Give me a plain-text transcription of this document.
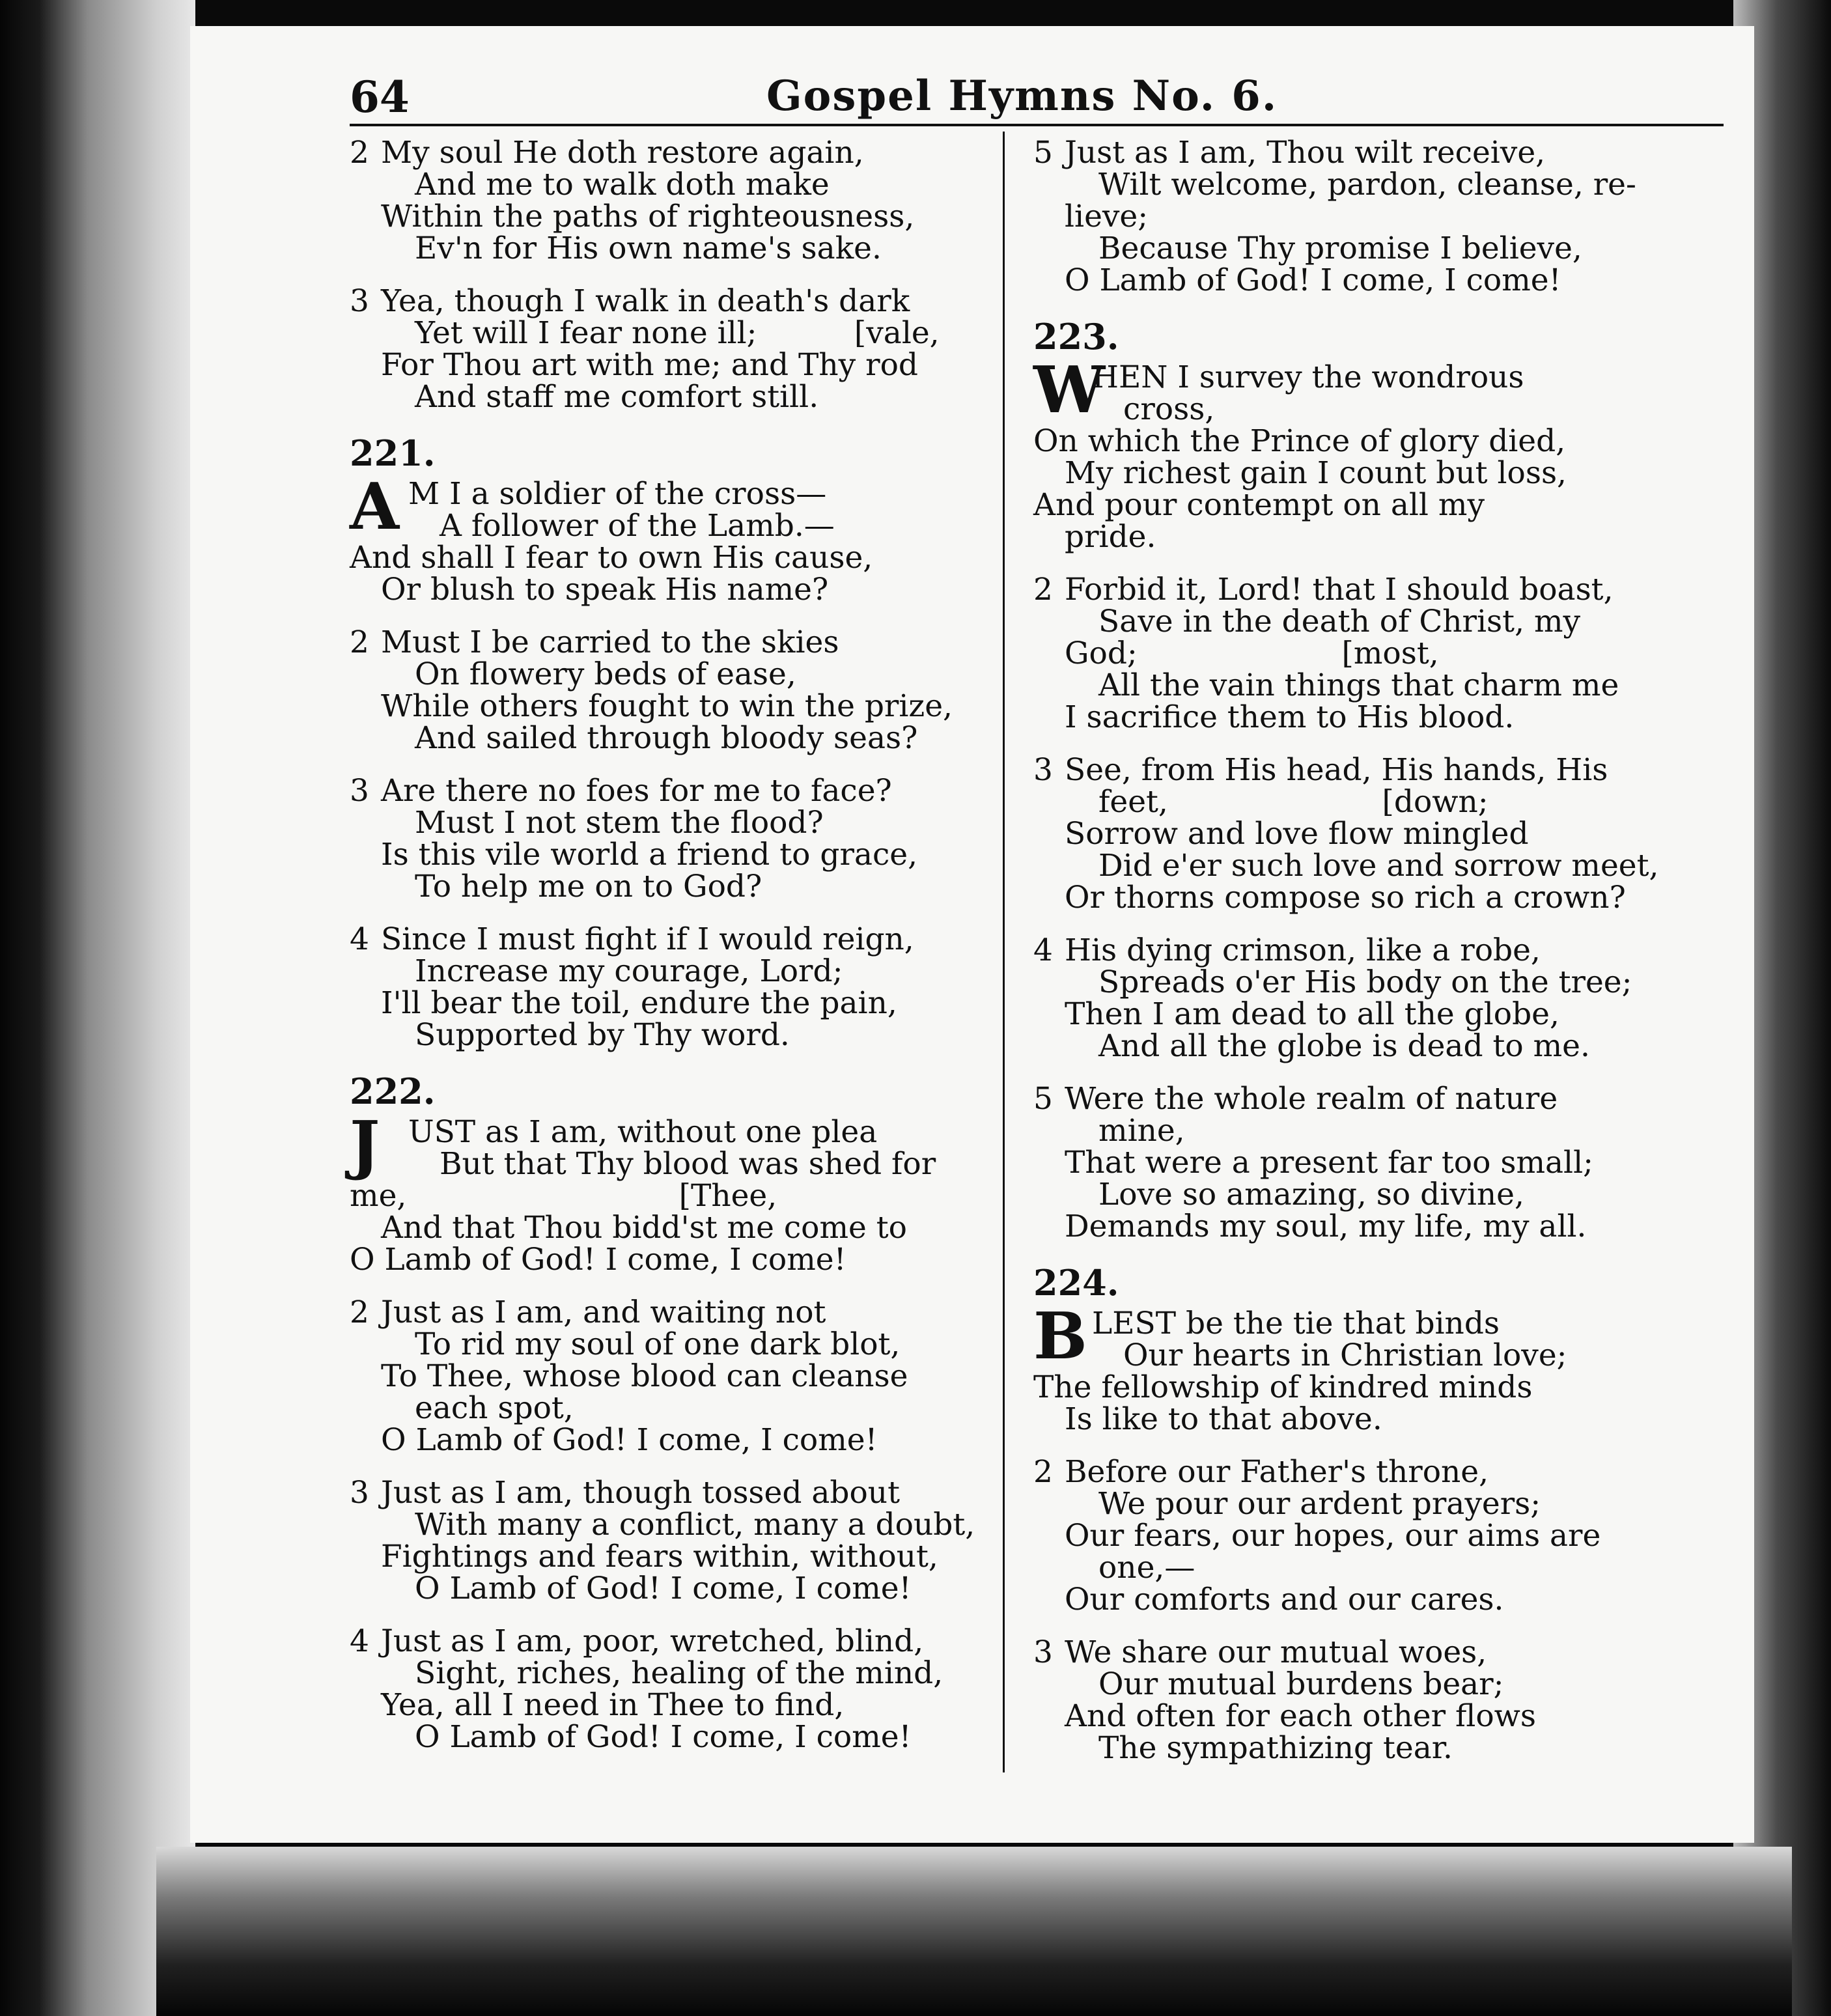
64	Gospel Hymns No. 6.
2 My soul He doth restore again,
And me to walk doth make
Within the paths of righteousness,
Ev'n for His own name's sake.
3 Yea, though I walk in death's dark
Yet will I fear none ill;          [vale,
For Thou art with me; and Thy rod
And staff me comfort still.
221.
A M I a soldier of the cross—
A follower of the Lamb.—
And shall I fear to own His cause,
Or blush to speak His name?
2 Must I be carried to the skies
On flowery beds of ease,
While others fought to win the prize,
And sailed through bloody seas?
3 Are there no foes for me to face?
Must I not stem the flood?
Is this vile world a friend to grace,
To help me on to God?
4 Since I must fight if I would reign,
Increase my courage, Lord;
I'll bear the toil, endure the pain,
Supported by Thy word.
222.
J UST as I am, without one plea
But that Thy blood was shed for
me,                            [Thee,
And that Thou bidd'st me come to
O Lamb of God! I come, I come!
2 Just as I am, and waiting not
To rid my soul of one dark blot,
To Thee, whose blood can cleanse
each spot,
O Lamb of God! I come, I come!
3 Just as I am, though tossed about
With many a conflict, many a doubt,
Fightings and fears within, without,
O Lamb of God! I come, I come!
4 Just as I am, poor, wretched, blind,
Sight, riches, healing of the mind,
Yea, all I need in Thee to find,
O Lamb of God! I come, I come!
5 Just as I am, Thou wilt receive,
Wilt welcome, pardon, cleanse, re-
lieve;
Because Thy promise I believe,
O Lamb of God! I come, I come!
223.
W
HEN I survey the wondrous
cross,
On which the Prince of glory died,
My richest gain I count but loss,
And pour contempt on all my
pride.
2 Forbid it, Lord! that I should boast,
Save in the death of Christ, my
God;                     [most,
All the vain things that charm me
I sacrifice them to His blood.
3 See, from His head, His hands, His
feet,                      [down;
Sorrow and love flow mingled
Did e'er such love and sorrow meet,
Or thorns compose so rich a crown?
4 His dying crimson, like a robe,
Spreads o'er His body on the tree;
Then I am dead to all the globe,
And all the globe is dead to me.
5 Were the whole realm of nature
mine,
That were a present far too small;
Love so amazing, so divine,
Demands my soul, my life, my all.
224.
B LEST be the tie that binds
Our hearts in Christian love;
The fellowship of kindred minds
Is like to that above.
2 Before our Father's throne,
We pour our ardent prayers;
Our fears, our hopes, our aims are
one,—
Our comforts and our cares.
3 We share our mutual woes,
Our mutual burdens bear;
And often for each other flows
The sympathizing tear.
